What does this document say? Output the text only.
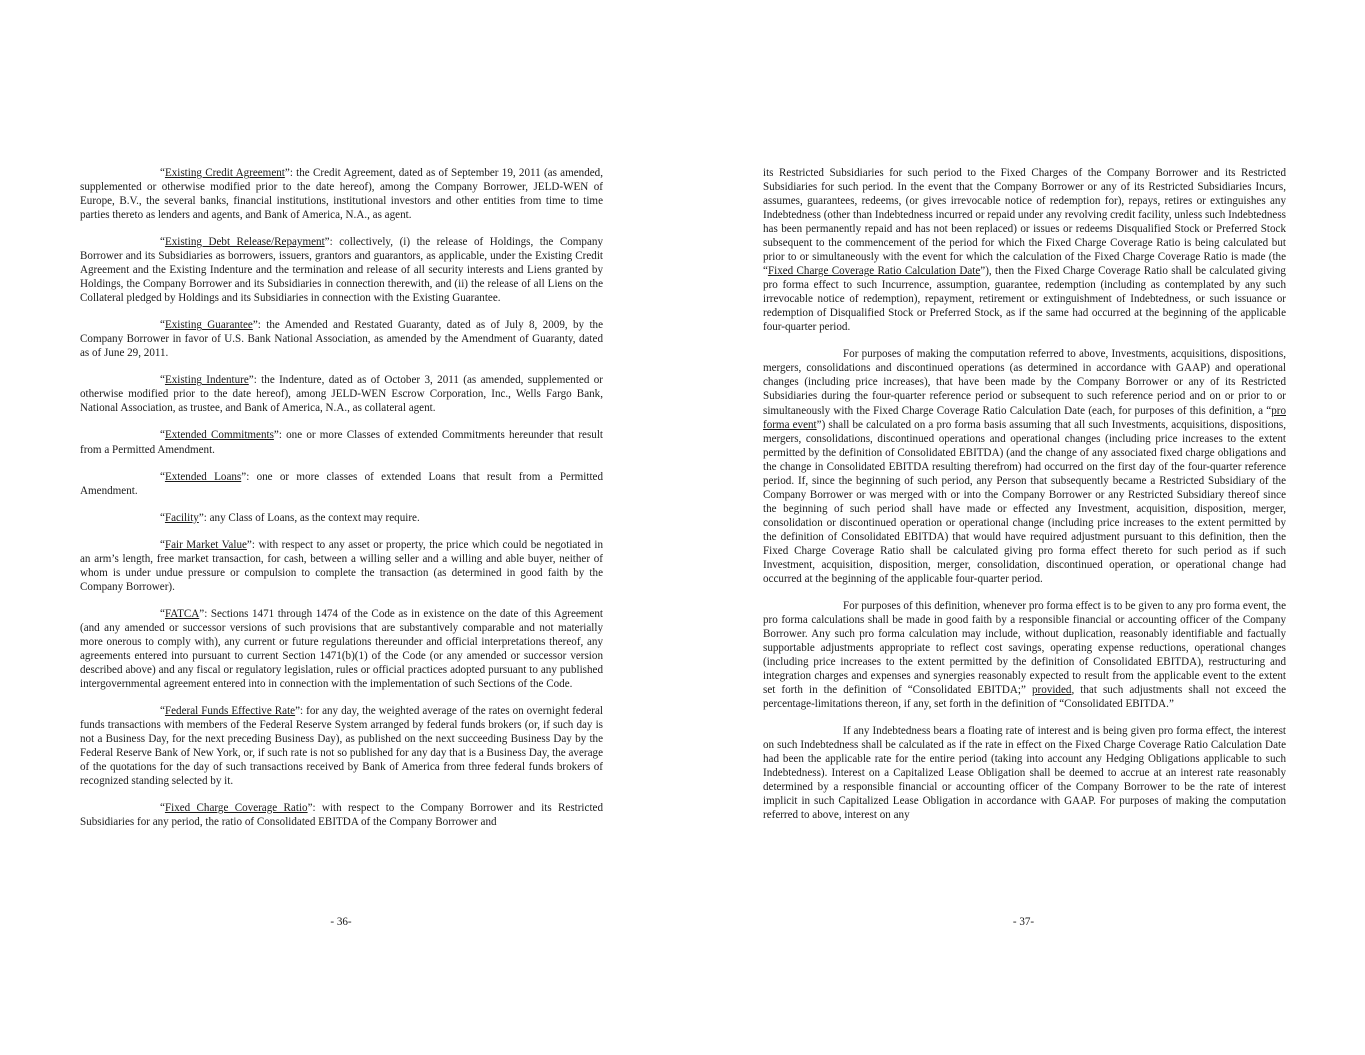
“Existing Credit Agreement”: the Credit Agreement, dated as of September 19, 2011 (as amended, supplemented or otherwise modified prior to the date hereof), among the Company Borrower, JELD-WEN of Europe, B.V., the several banks, financial institutions, institutional investors and other entities from time to time parties thereto as lenders and agents, and Bank of America, N.A., as agent.

“Existing Debt Release/Repayment”: collectively, (i) the release of Holdings, the Company Borrower and its Subsidiaries as borrowers, issuers, grantors and guarantors, as applicable, under the Existing Credit Agreement and the Existing Indenture and the termination and release of all security interests and Liens granted by Holdings, the Company Borrower and its Subsidiaries in connection therewith, and (ii) the release of all Liens on the Collateral pledged by Holdings and its Subsidiaries in connection with the Existing Guarantee.

“Existing Guarantee”: the Amended and Restated Guaranty, dated as of July 8, 2009, by the Company Borrower in favor of U.S. Bank National Association, as amended by the Amendment of Guaranty, dated as of June 29, 2011.

“Existing Indenture”: the Indenture, dated as of October 3, 2011 (as amended, supplemented or otherwise modified prior to the date hereof), among JELD-WEN Escrow Corporation, Inc., Wells Fargo Bank, National Association, as trustee, and Bank of America, N.A., as collateral agent.

“Extended Commitments”: one or more Classes of extended Commitments hereunder that result from a Permitted Amendment.

“Extended Loans”: one or more classes of extended Loans that result from a Permitted Amendment.

“Facility”: any Class of Loans, as the context may require.

“Fair Market Value”: with respect to any asset or property, the price which could be negotiated in an arm’s length, free market transaction, for cash, between a willing seller and a willing and able buyer, neither of whom is under undue pressure or compulsion to complete the transaction (as determined in good faith by the Company Borrower).

“FATCA”: Sections 1471 through 1474 of the Code as in existence on the date of this Agreement (and any amended or successor versions of such provisions that are substantively comparable and not materially more onerous to comply with), any current or future regulations thereunder and official interpretations thereof, any agreements entered into pursuant to current Section 1471(b)(1) of the Code (or any amended or successor version described above) and any fiscal or regulatory legislation, rules or official practices adopted pursuant to any published intergovernmental agreement entered into in connection with the implementation of such Sections of the Code.

“Federal Funds Effective Rate”: for any day, the weighted average of the rates on overnight federal funds transactions with members of the Federal Reserve System arranged by federal funds brokers (or, if such day is not a Business Day, for the next preceding Business Day), as published on the next succeeding Business Day by the Federal Reserve Bank of New York, or, if such rate is not so published for any day that is a Business Day, the average of the quotations for the day of such transactions received by Bank of America from three federal funds brokers of recognized standing selected by it.

“Fixed Charge Coverage Ratio”: with respect to the Company Borrower and its Restricted Subsidiaries for any period, the ratio of Consolidated EBITDA of the Company Borrower and

- 36-

its Restricted Subsidiaries for such period to the Fixed Charges of the Company Borrower and its Restricted Subsidiaries for such period. In the event that the Company Borrower or any of its Restricted Subsidiaries Incurs, assumes, guarantees, redeems, (or gives irrevocable notice of redemption for), repays, retires or extinguishes any Indebtedness (other than Indebtedness incurred or repaid under any revolving credit facility, unless such Indebtedness has been permanently repaid and has not been replaced) or issues or redeems Disqualified Stock or Preferred Stock subsequent to the commencement of the period for which the Fixed Charge Coverage Ratio is being calculated but prior to or simultaneously with the event for which the calculation of the Fixed Charge Coverage Ratio is made (the “Fixed Charge Coverage Ratio Calculation Date”), then the Fixed Charge Coverage Ratio shall be calculated giving pro forma effect to such Incurrence, assumption, guarantee, redemption (including as contemplated by any such irrevocable notice of redemption), repayment, retirement or extinguishment of Indebtedness, or such issuance or redemption of Disqualified Stock or Preferred Stock, as if the same had occurred at the beginning of the applicable four-quarter period.

For purposes of making the computation referred to above, Investments, acquisitions, dispositions, mergers, consolidations and discontinued operations (as determined in accordance with GAAP) and operational changes (including price increases), that have been made by the Company Borrower or any of its Restricted Subsidiaries during the four-quarter reference period or subsequent to such reference period and on or prior to or simultaneously with the Fixed Charge Coverage Ratio Calculation Date (each, for purposes of this definition, a “pro forma event”) shall be calculated on a pro forma basis assuming that all such Investments, acquisitions, dispositions, mergers, consolidations, discontinued operations and operational changes (including price increases to the extent permitted by the definition of Consolidated EBITDA) (and the change of any associated fixed charge obligations and the change in Consolidated EBITDA resulting therefrom) had occurred on the first day of the four-quarter reference period. If, since the beginning of such period, any Person that subsequently became a Restricted Subsidiary of the Company Borrower or was merged with or into the Company Borrower or any Restricted Subsidiary thereof since the beginning of such period shall have made or effected any Investment, acquisition, disposition, merger, consolidation or discontinued operation or operational change (including price increases to the extent permitted by the definition of Consolidated EBITDA) that would have required adjustment pursuant to this definition, then the Fixed Charge Coverage Ratio shall be calculated giving pro forma effect thereto for such period as if such Investment, acquisition, disposition, merger, consolidation, discontinued operation, or operational change had occurred at the beginning of the applicable four-quarter period.

For purposes of this definition, whenever pro forma effect is to be given to any pro forma event, the pro forma calculations shall be made in good faith by a responsible financial or accounting officer of the Company Borrower. Any such pro forma calculation may include, without duplication, reasonably identifiable and factually supportable adjustments appropriate to reflect cost savings, operating expense reductions, operational changes (including price increases to the extent permitted by the definition of Consolidated EBITDA), restructuring and integration charges and expenses and synergies reasonably expected to result from the applicable event to the extent set forth in the definition of “Consolidated EBITDA;” provided, that such adjustments shall not exceed the percentage-limitations thereon, if any, set forth in the definition of “Consolidated EBITDA.”

If any Indebtedness bears a floating rate of interest and is being given pro forma effect, the interest on such Indebtedness shall be calculated as if the rate in effect on the Fixed Charge Coverage Ratio Calculation Date had been the applicable rate for the entire period (taking into account any Hedging Obligations applicable to such Indebtedness). Interest on a Capitalized Lease Obligation shall be deemed to accrue at an interest rate reasonably determined by a responsible financial or accounting officer of the Company Borrower to be the rate of interest implicit in such Capitalized Lease Obligation in accordance with GAAP. For purposes of making the computation referred to above, interest on any

- 37-
